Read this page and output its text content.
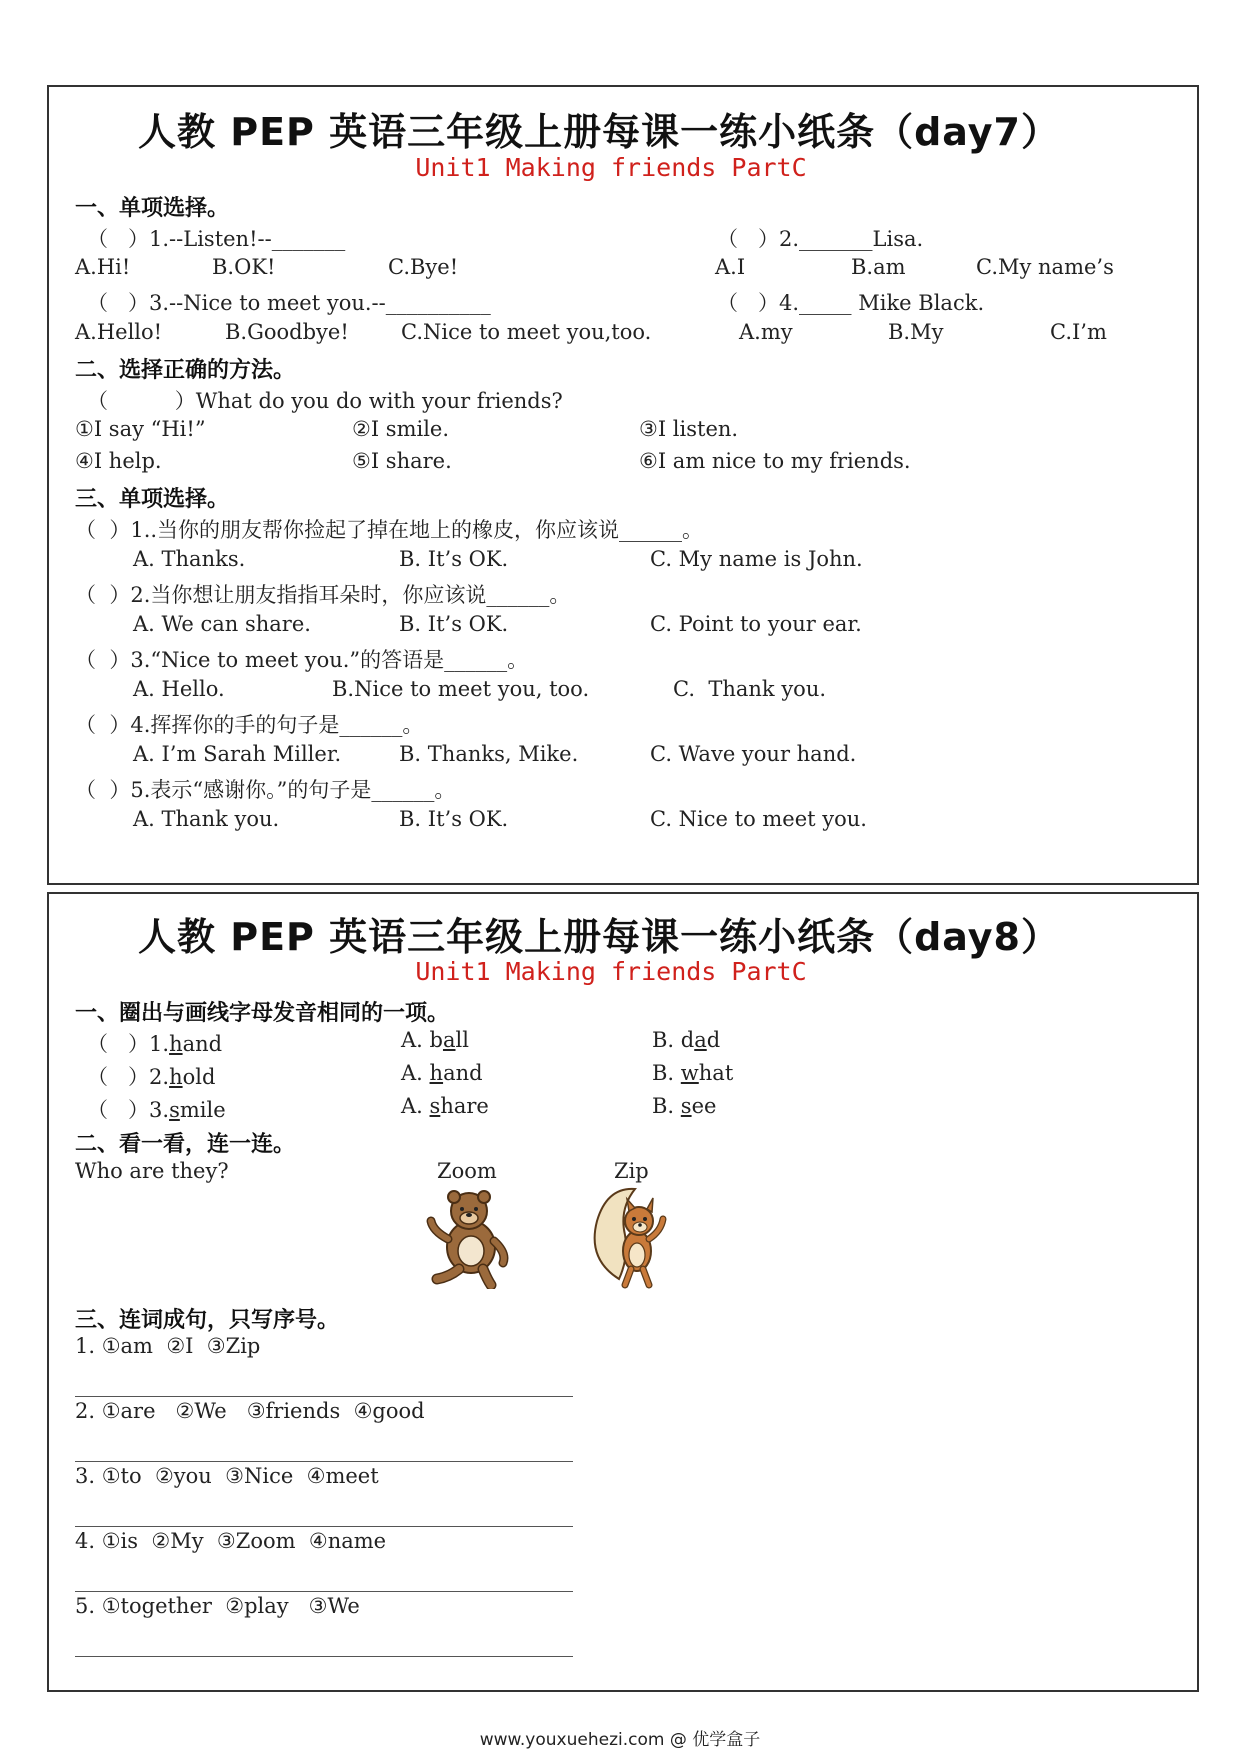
人教 PEP 英语三年级上册每课一练小纸条（day7）
Unit1 Making friends PartC
一、单项选择。
（   ）1.--Listen!--_______	（   ）2._______Lisa.
A.Hi!	B.OK!	C.Bye!	A.I	B.am	C.My name’s
（   ）3.--Nice to meet you.--__________	（   ）4._____ Mike Black.
A.Hello!	B.Goodbye! C.Nice to meet you,too.	A.my	B.My	C.I’m
二、选择正确的方法。
（          ）What do you do with your friends?
①I say “Hi!”	②I smile.	③I listen.
④I help.	⑤I share.	⑥I am nice to my friends.
三、单项选择。
（  ）1..当你的朋友帮你捡起了掉在地上的橡皮，你应该说______。
A. Thanks.	B. It’s OK.	C. My name is John.
（  ）2.当你想让朋友指指耳朵时，你应该说______。
A. We can share.	B. It’s OK.	C. Point to your ear.
（  ）3.“Nice to meet you.”的答语是______。
A. Hello.	B.Nice to meet you, too.	C.  Thank you.
（  ）4.挥挥你的手的句子是______。
A. I’m Sarah Miller.	B. Thanks, Mike.	C. Wave your hand.
（  ）5.表示“感谢你。”的句子是______。
A. Thank you.	B. It’s OK.	C. Nice to meet you.
人教 PEP 英语三年级上册每课一练小纸条（day8）
Unit1 Making friends PartC
一、圈出与画线字母发音相同的一项。
（   ）1.hand	A. ball	B. dad
（   ）2.hold	A. hand	B. what
（   ）3.smile	A. share	B. see
二、看一看，连一连。
Who are they?	Zoom	Zip
三、连词成句，只写序号。
1. ①am  ②I  ③Zip
2. ①are   ②We   ③friends  ④good
3. ①to  ②you  ③Nice  ④meet
4. ①is  ②My  ③Zoom  ④name
5. ①together  ②play   ③We
www.youxuehezi.com @ 优学盒子
